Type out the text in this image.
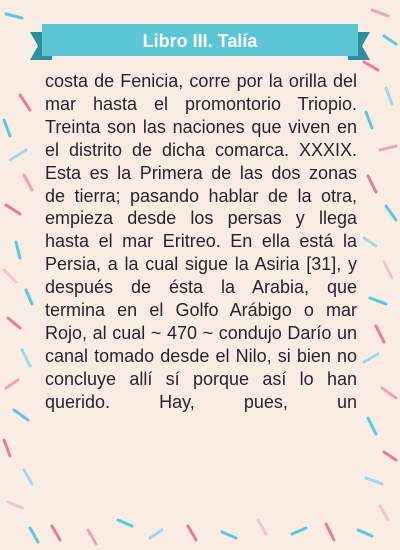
Libro III. Talía

costa de Fenicia, corre por la orilla del mar hasta el promontorio Triopio. Treinta son las naciones que viven en el distrito de dicha comarca. XXXIX. Esta es la Primera de las dos zonas de tierra; pasando hablar de la otra, empieza desde los persas y llega hasta el mar Eritreo. En ella está la Persia, a la cual sigue la Asiria [31], y después de ésta la Arabia, que termina en el Golfo Arábigo o mar Rojo, al cual ~ 470 ~ condujo Darío un canal tomado desde el Nilo, si bien no concluye allí sí porque así lo han querido. Hay, pues, un
